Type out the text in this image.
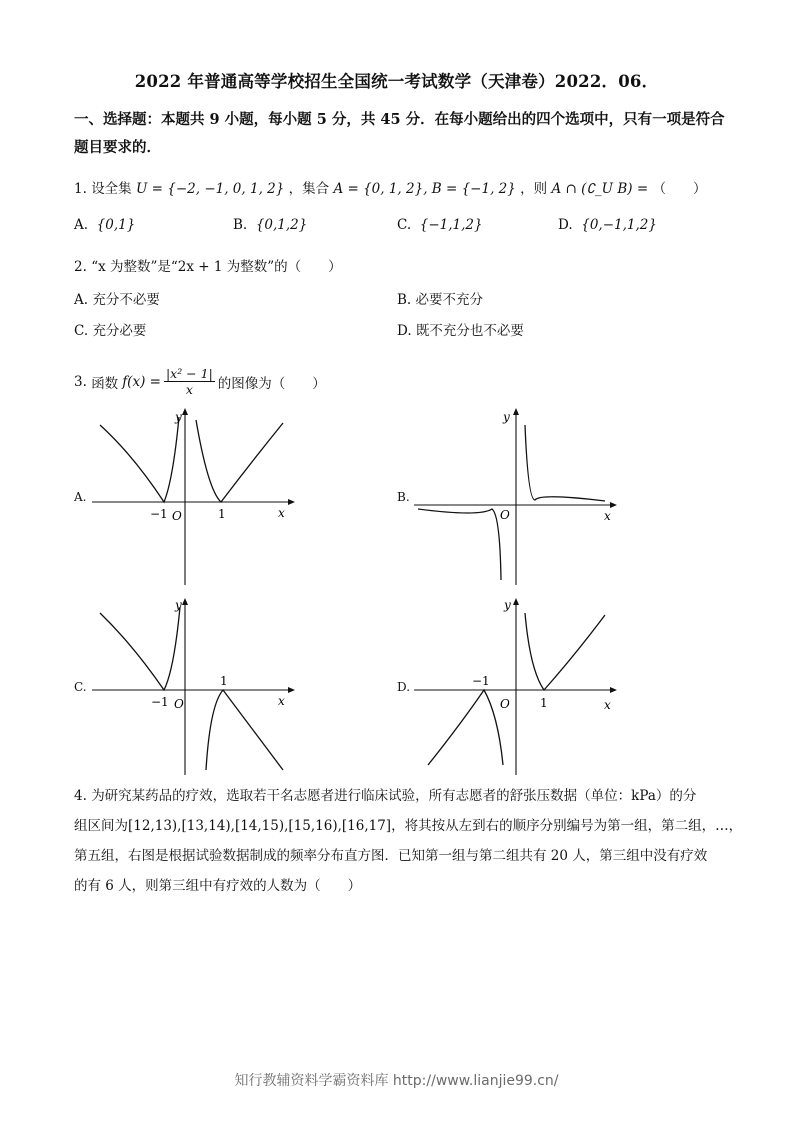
2022 年普通高等学校招生全国统一考试数学（天津卷）2022．06．
一、选择题：本题共 9 小题，每小题 5 分，共 45 分．在每小题给出的四个选项中，只有一项是符合题目要求的．
1. 设全集 U = {−2, −1, 0, 1, 2} ，集合 A = {0, 1, 2}, B = {−1, 2} ，则 A ∩ (∁_U B) = （　　）
A. {0,1}	B. {0,1,2}	C. {−1,1,2}	D. {0,−1,1,2}
2. “x 为整数”是“2x + 1 为整数”的（　　）
A. 充分不必要	B. 必要不充分
C. 充分必要	D. 既不充分也不必要
3.
函数 $f(x) = \frac{\text{|x² − 1|}}{x}$ 的图像为（　　）
A.
y
x
O
−1	1
B.
y
x
O
C.
y
x
O
−1
1	D.
y
x
O
−1
1
4. 为研究某药品的疗效，选取若干名志愿者进行临床试验，所有志愿者的舒张压数据（单位：kPa）的分
组区间为[12,13),[13,14),[14,15),[15,16),[16,17]，将其按从左到右的顺序分别编号为第一组，第二组，…，
第五组，右图是根据试验数据制成的频率分布直方图．已知第一组与第二组共有 20 人，第三组中没有疗效
的有 6 人，则第三组中有疗效的人数为（　　）
知行教辅资料学霸资料库 http://www.lianjie99.cn/
